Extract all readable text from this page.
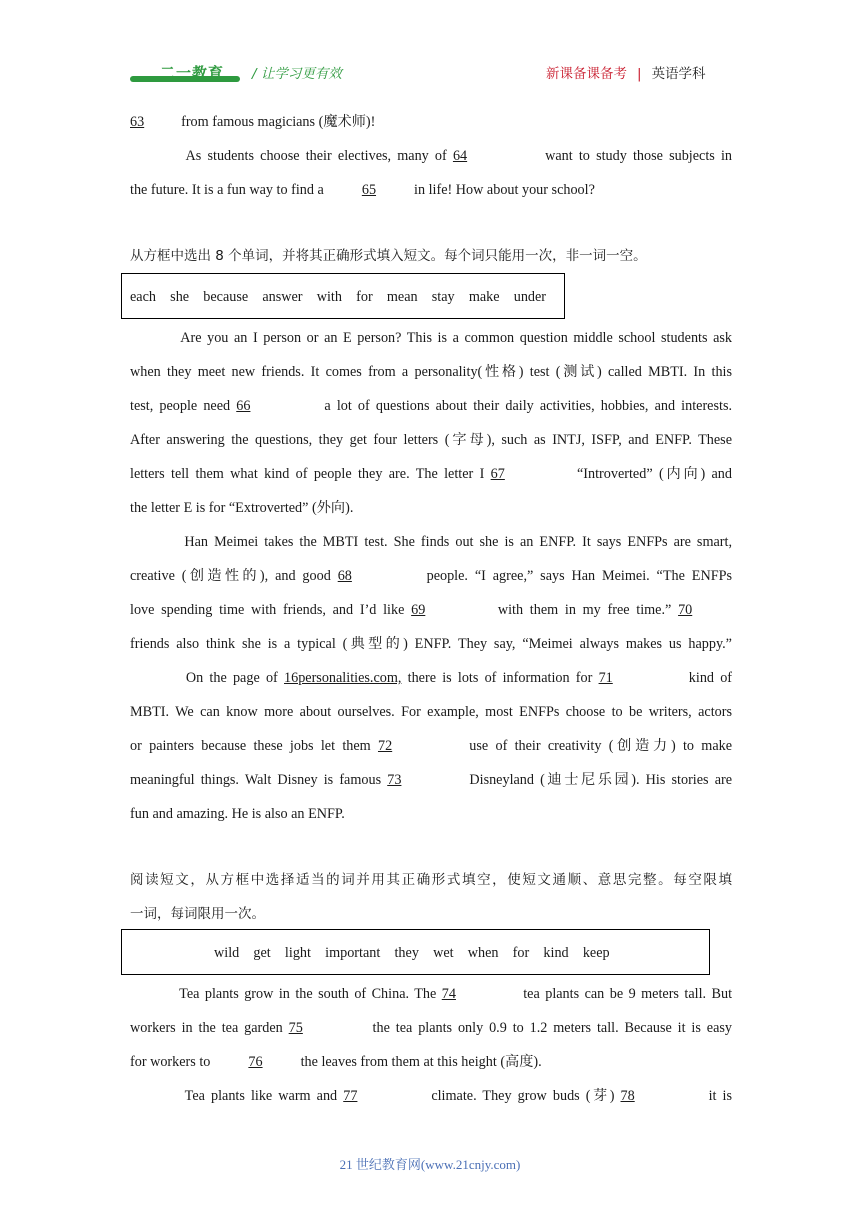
二一教育 / 让学习更有效	新课备课备考 | 英语学科
63	from famous magicians (魔术师)!
As students choose their electives, many of 64	want to study those subjects in
the future. It is a fun way to find a	65	in life! How about your school?
从方框中选出 8 个单词，并将其正确形式填入短文。每个词只能用一次，非一词一空。
each    she    because    answer    with    for    mean    stay    make    under
Are you an I person or an E person? This is a common question middle school students ask
when they meet new friends. It comes from a personality(性格) test (测试) called MBTI. In this
test, people need 66	a lot of questions about their daily activities, hobbies, and interests.
After answering the questions, they get four letters (字母), such as INTJ, ISFP, and ENFP. These
letters tell them what kind of people they are. The letter I 67	“Introverted” (内向) and
the letter E is for “Extroverted” (外向).
Han Meimei takes the MBTI test. She finds out she is an ENFP. It says ENFPs are smart,
creative (创造性的), and good 68	people. “I agree,” says Han Meimei. “The ENFPs
love spending time with friends, and I’d like 69	with them in my free time.” 70
friends also think she is a typical (典型的) ENFP. They say, “Meimei always makes us happy.”
On the page of 16personalities.com, there is lots of information for 71	kind of
MBTI. We can know more about ourselves. For example, most ENFPs choose to be writers, actors
or painters because these jobs let them 72	use of their creativity (创造力) to make
meaningful things. Walt Disney is famous 73	Disneyland (迪士尼乐园). His stories are
fun and amazing. He is also an ENFP.
阅读短文，从方框中选择适当的词并用其正确形式填空，使短文通顺、意思完整。每空限填
一词，每词限用一次。
wild    get    light    important    they    wet    when    for    kind    keep
Tea plants grow in the south of China. The 74	tea plants can be 9 meters tall. But
workers in the tea garden 75	the tea plants only 0.9 to 1.2 meters tall. Because it is easy
for workers to	76	the leaves from them at this height (高度).
Tea plants like warm and 77	climate. They grow buds (芽) 78	it is
21 世纪教育网(www.21cnjy.com)
